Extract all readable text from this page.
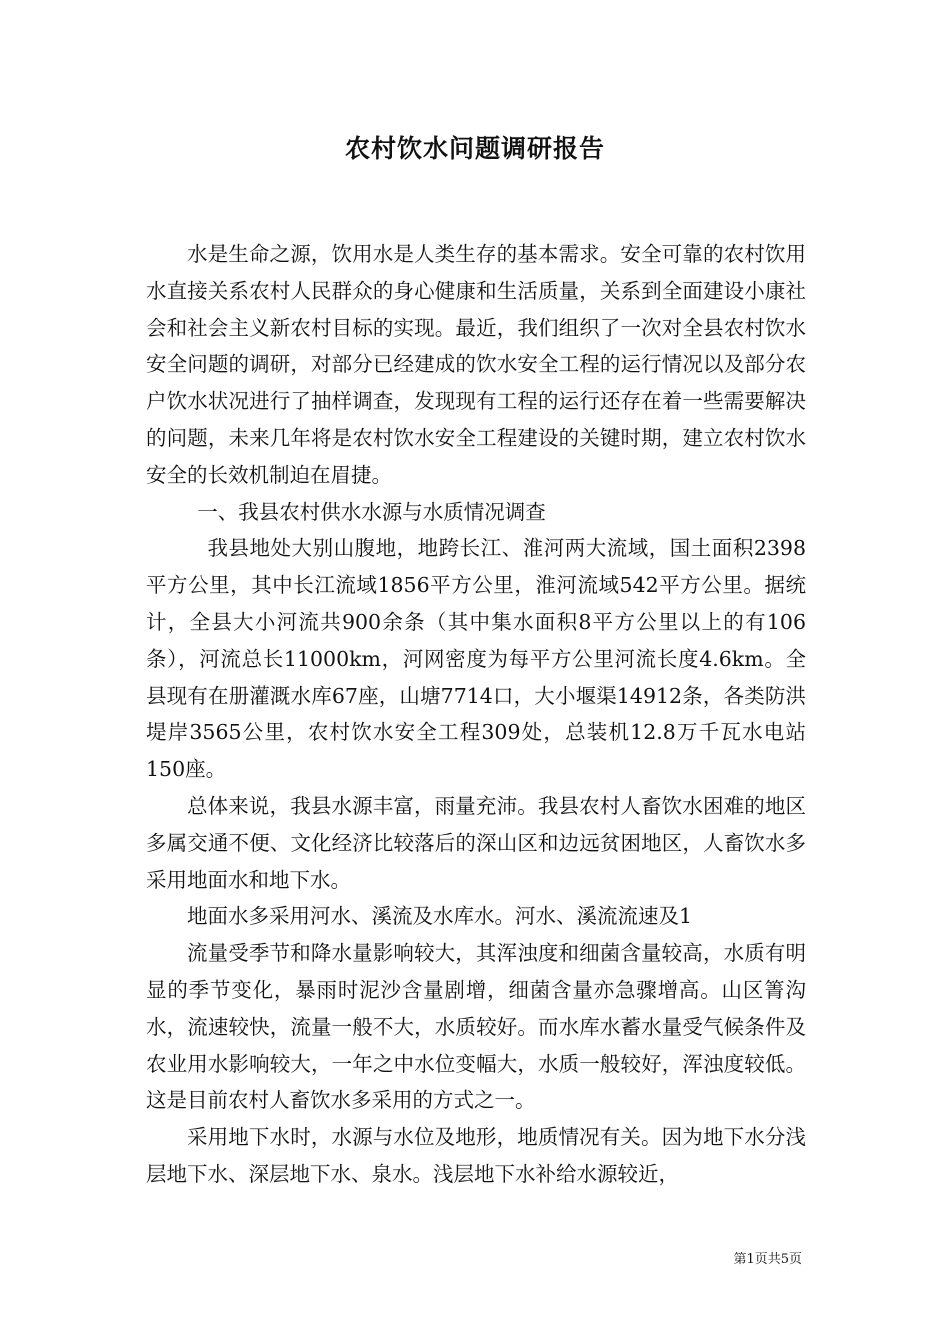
农村饮水问题调研报告

水是生命之源，饮用水是人类生存的基本需求。安全可靠的农村饮用水直接关系农村人民群众的身心健康和生活质量，关系到全面建设小康社会和社会主义新农村目标的实现。最近，我们组织了一次对全县农村饮水安全问题的调研，对部分已经建成的饮水安全工程的运行情况以及部分农户饮水状况进行了抽样调查，发现现有工程的运行还存在着一些需要解决的问题，未来几年将是农村饮水安全工程建设的关键时期，建立农村饮水安全的长效机制迫在眉捷。

一、我县农村供水水源与水质情况调查

我县地处大别山腹地，地跨长江、淮河两大流域，国土面积2398平方公里，其中长江流域1856平方公里，淮河流域542平方公里。据统计，全县大小河流共900余条（其中集水面积8平方公里以上的有106条），河流总长11000km，河网密度为每平方公里河流长度4.6km。全县现有在册灌溉水库67座，山塘7714口，大小堰渠14912条，各类防洪堤岸3565公里，农村饮水安全工程309处，总装机12.8万千瓦水电站150座。

总体来说，我县水源丰富，雨量充沛。我县农村人畜饮水困难的地区多属交通不便、文化经济比较落后的深山区和边远贫困地区，人畜饮水多采用地面水和地下水。

地面水多采用河水、溪流及水库水。河水、溪流流速及1

流量受季节和降水量影响较大，其浑浊度和细菌含量较高，水质有明显的季节变化，暴雨时泥沙含量剧增，细菌含量亦急骤增高。山区箐沟水，流速较快，流量一般不大，水质较好。而水库水蓄水量受气候条件及农业用水影响较大，一年之中水位变幅大，水质一般较好，浑浊度较低。这是目前农村人畜饮水多采用的方式之一。

采用地下水时，水源与水位及地形，地质情况有关。因为地下水分浅层地下水、深层地下水、泉水。浅层地下水补给水源较近，

第1页共5页
